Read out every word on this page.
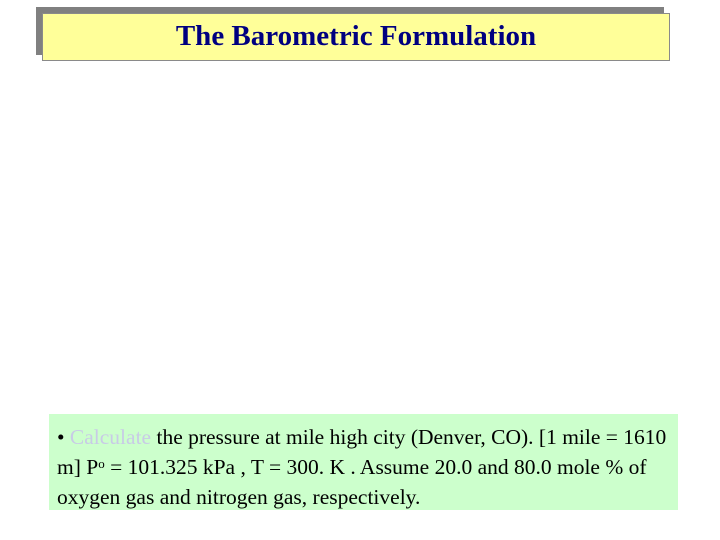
The Barometric Formulation
• Calculate the pressure at mile high city (Denver, CO). [1 mile = 1610 m] $P^o = 101.325$ kPa , T = 300. K . Assume 20.0 and 80.0 mole % of oxygen gas and nitrogen gas, respectively.
